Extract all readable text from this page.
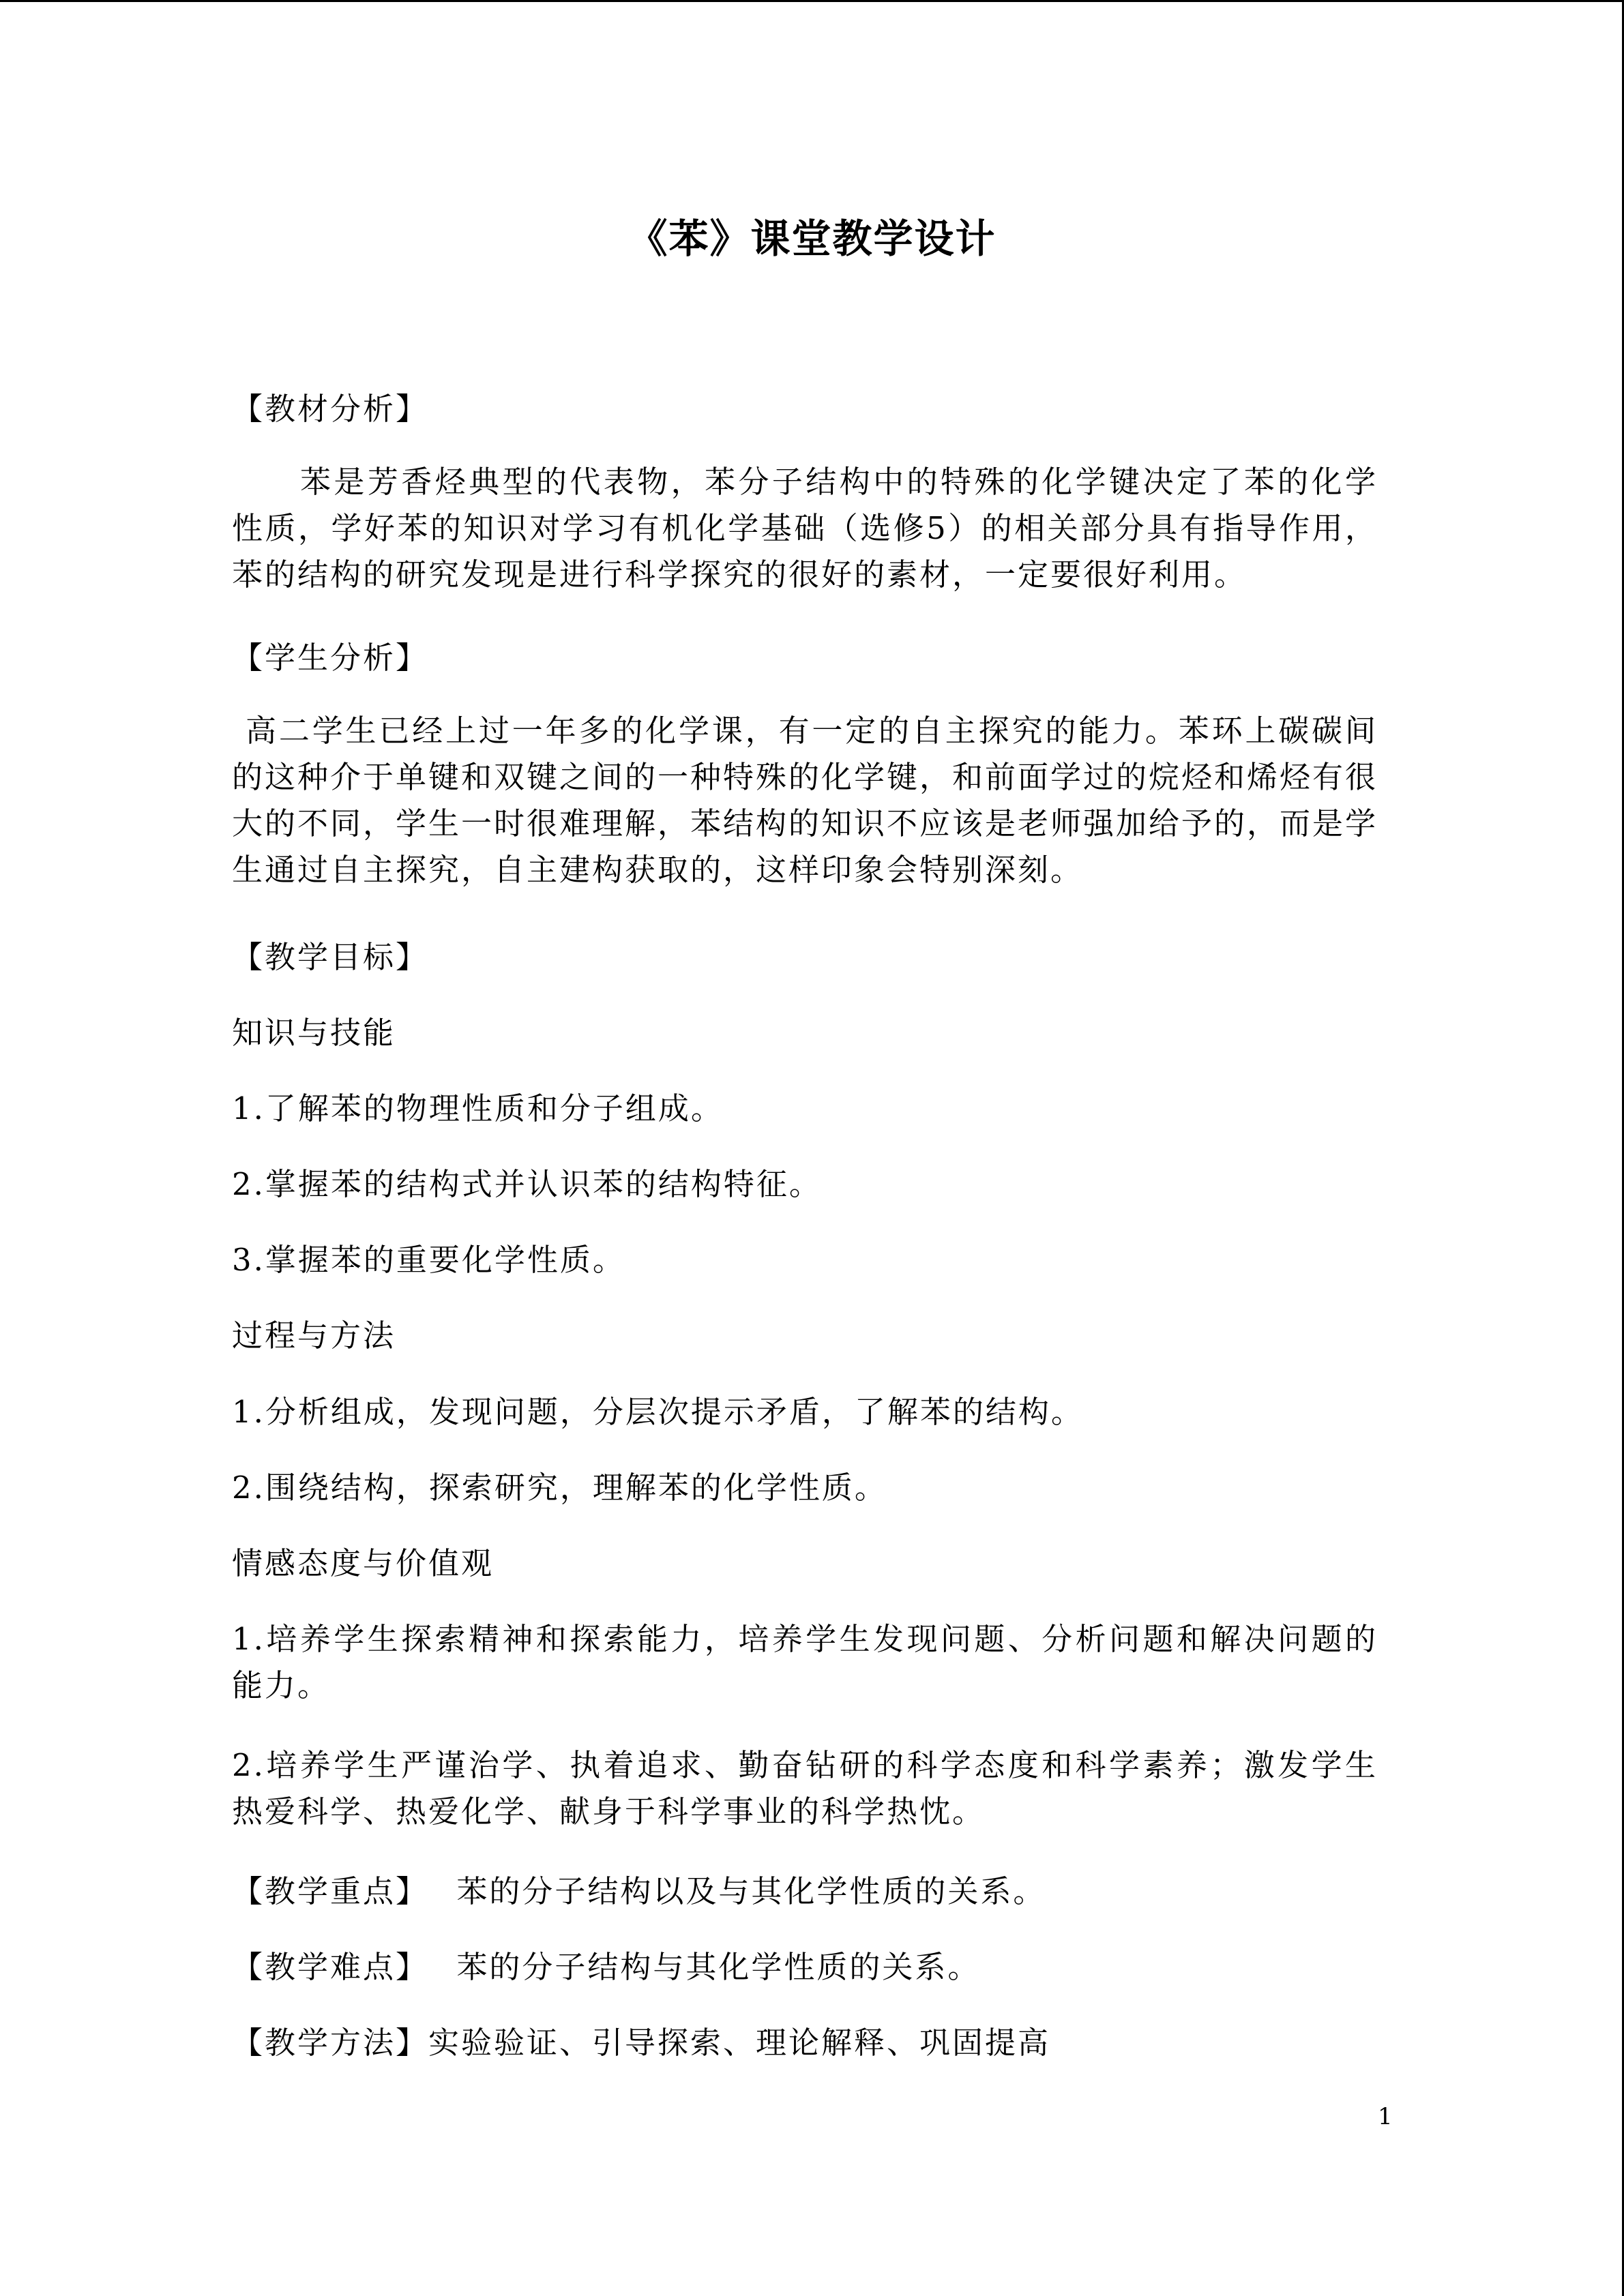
《苯》课堂教学设计
【教材分析】
苯是芳香烃典型的代表物，苯分子结构中的特殊的化学键决定了苯的化学性质，学好苯的知识对学习有机化学基础（选修5）的相关部分具有指导作用，苯的结构的研究发现是进行科学探究的很好的素材，一定要很好利用。
【学生分析】
高二学生已经上过一年多的化学课，有一定的自主探究的能力。苯环上碳碳间的这种介于单键和双键之间的一种特殊的化学键，和前面学过的烷烃和烯烃有很大的不同，学生一时很难理解，苯结构的知识不应该是老师强加给予的，而是学生通过自主探究，自主建构获取的，这样印象会特别深刻。
【教学目标】
知识与技能
1.了解苯的物理性质和分子组成。
2.掌握苯的结构式并认识苯的结构特征。
3.掌握苯的重要化学性质。
过程与方法
1.分析组成，发现问题，分层次提示矛盾，了解苯的结构。
2.围绕结构，探索研究，理解苯的化学性质。
情感态度与价值观
1.培养学生探索精神和探索能力，培养学生发现问题、分析问题和解决问题的能力。
2.培养学生严谨治学、执着追求、勤奋钻研的科学态度和科学素养；激发学生热爱科学、热爱化学、献身于科学事业的科学热忱。
【教学重点】 苯的分子结构以及与其化学性质的关系。
【教学难点】 苯的分子结构与其化学性质的关系。
【教学方法】实验验证、引导探索、理论解释、巩固提高
1
